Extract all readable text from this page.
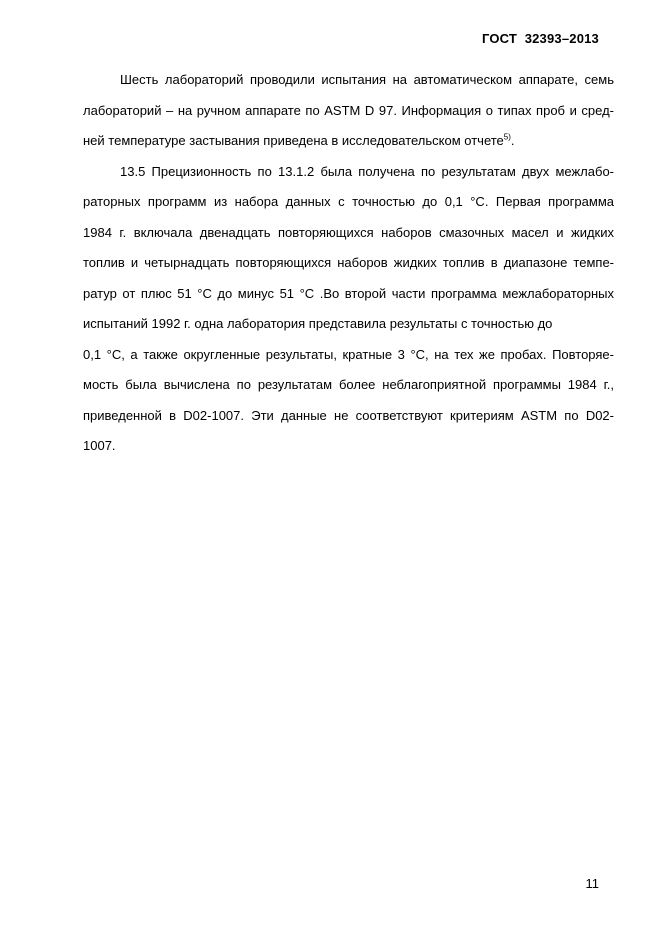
ГОСТ  32393–2013

Шесть лабораторий проводили испытания на автоматическом аппарате, семь

лабораторий – на ручном аппарате по ASTM D 97. Информация о типах проб и сред-

ней температуре застывания приведена в исследовательском отчете$^{5)}$.

13.5 Прецизионность по 13.1.2 была получена по результатам двух межлабо-

раторных программ из набора данных с точностью до 0,1 °С. Первая программа

1984 г. включала двенадцать повторяющихся наборов смазочных масел и жидких

топлив и четырнадцать повторяющихся наборов жидких топлив в диапазоне темпе-

ратур от плюс 51 °С до минус 51 °С .Во второй части программа межлабораторных

испытаний 1992 г. одна лаборатория представила результаты с точностью до

0,1 °С, а также округленные результаты, кратные 3 °С, на тех же пробах. Повторяе-

мость была вычислена по результатам более неблагоприятной программы 1984 г.,

приведенной в D02-1007. Эти данные не соответствуют критериям ASTM по D02-

1007.

11
